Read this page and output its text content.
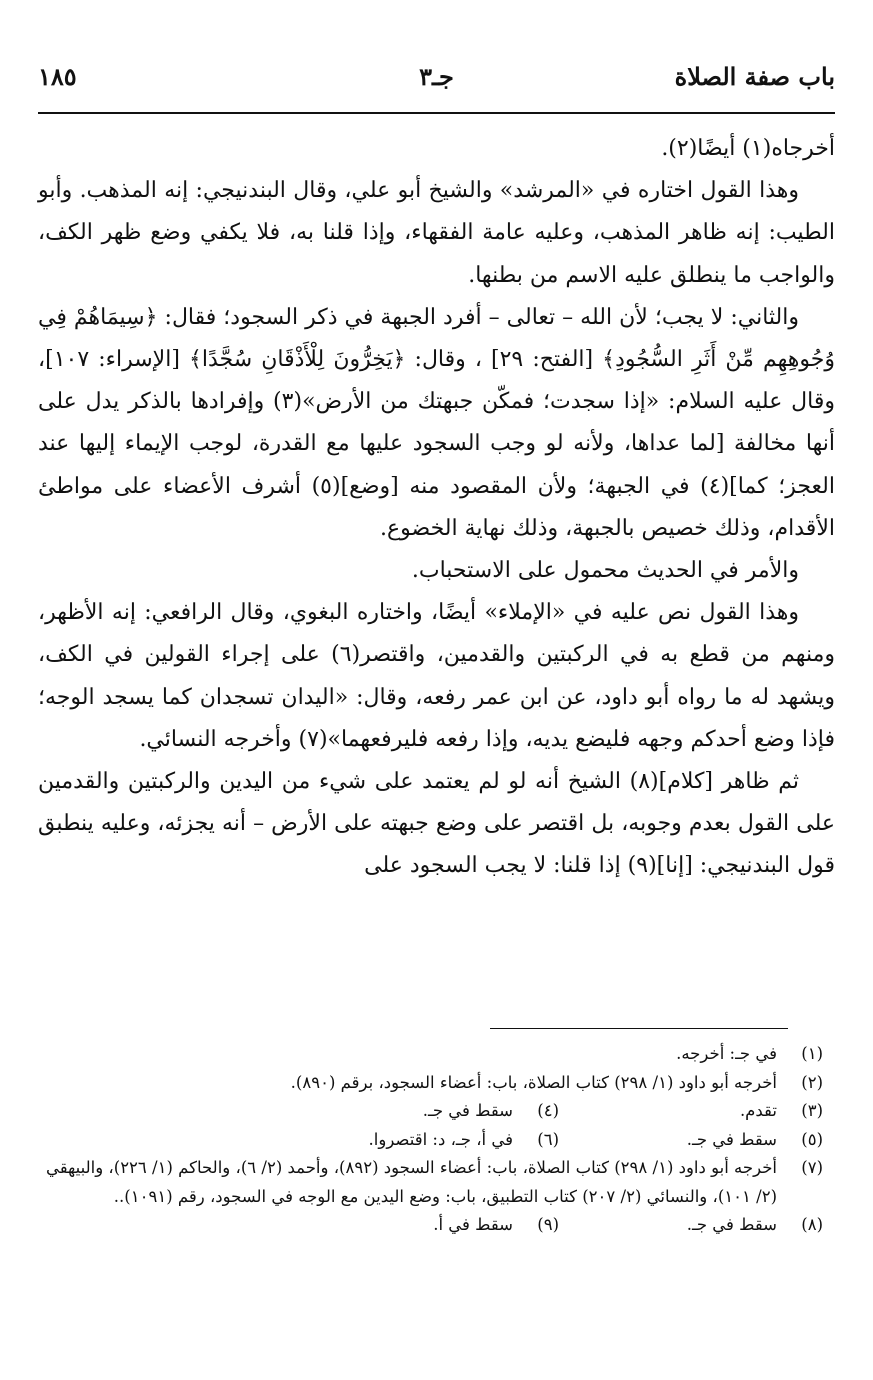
باب صفة الصلاة
جـ٣
١٨٥

أخرجاه(١) أيضًا(٢).

وهذا القول اختاره في «المرشد» والشيخ أبو علي، وقال البندنيجي: إنه المذهب. وأبو الطيب: إنه ظاهر المذهب، وعليه عامة الفقهاء، وإذا قلنا به، فلا يكفي وضع ظهر الكف، والواجب ما ينطلق عليه الاسم من بطنها.

والثاني: لا يجب؛ لأن الله – تعالى – أفرد الجبهة في ذكر السجود؛ فقال: ﴿سِيمَاهُمْ فِي وُجُوهِهِم مِّنْ أَثَرِ السُّجُودِ﴾ [الفتح: ٢٩] ، وقال: ﴿يَخِرُّونَ لِلْأَذْقَانِ سُجَّدًا﴾ [الإسراء: ١٠٧]، وقال عليه السلام: «إذا سجدت؛ فمكّن جبهتك من الأرض»(٣) وإفرادها بالذكر يدل على أنها مخالفة [لما عداها، ولأنه لو وجب السجود عليها مع القدرة، لوجب الإيماء إليها عند العجز؛ كما](٤) في الجبهة؛ ولأن المقصود منه [وضع](٥) أشرف الأعضاء على مواطئ الأقدام، وذلك خصيص بالجبهة، وذلك نهاية الخضوع.

والأمر في الحديث محمول على الاستحباب.

وهذا القول نص عليه في «الإملاء» أيضًا، واختاره البغوي، وقال الرافعي: إنه الأظهر، ومنهم من قطع به في الركبتين والقدمين، واقتصر(٦) على إجراء القولين في الكف، ويشهد له ما رواه أبو داود، عن ابن عمر رفعه، وقال: «اليدان تسجدان كما يسجد الوجه؛ فإذا وضع أحدكم وجهه فليضع يديه، وإذا رفعه فليرفعهما»(٧) وأخرجه النسائي.

ثم ظاهر [كلام](٨) الشيخ أنه لو لم يعتمد على شيء من اليدين والركبتين والقدمين على القول بعدم وجوبه، بل اقتصر على وضع جبهته على الأرض – أنه يجزئه، وعليه ينطبق قول البندنيجي: [إنا](٩) إذا قلنا: لا يجب السجود على

(١)
في جـ: أخرجه.
(٢)
أخرجه أبو داود (١/ ٢٩٨) كتاب الصلاة، باب: أعضاء السجود، برقم (٨٩٠).
(٣)
تقدم.
(٤)
سقط في جـ.
(٥)
سقط في جـ.
(٦)
في أ، جـ، د: اقتصروا.
(٧)
أخرجه أبو داود (١/ ٢٩٨) كتاب الصلاة، باب: أعضاء السجود (٨٩٢)، وأحمد (٢/ ٦)، والحاكم (١/ ٢٢٦)، والبيهقي (٢/ ١٠١)، والنسائي (٢/ ٢٠٧) كتاب التطبيق، باب: وضع اليدين مع الوجه في السجود، رقم (١٠٩١)..
(٨)
سقط في جـ.
(٩)
سقط في أ.
